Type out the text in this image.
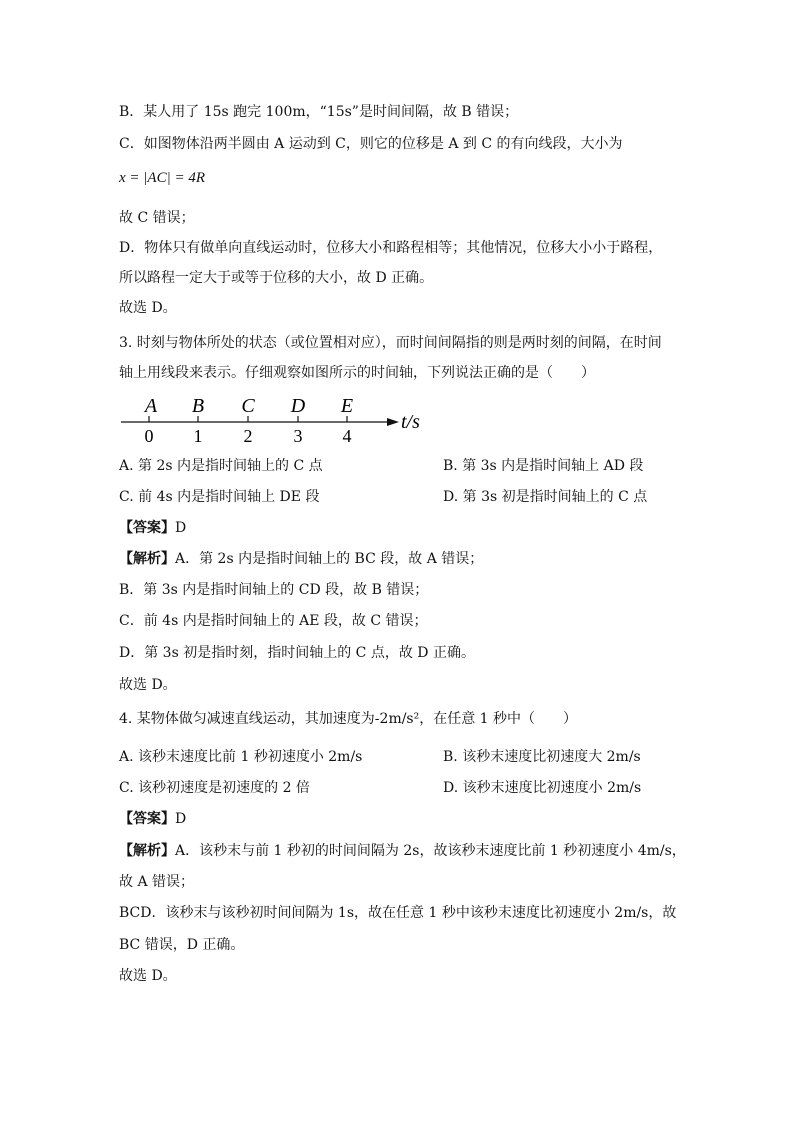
B．某人用了 15s 跑完 100m，“15s”是时间间隔，故 B 错误；
C．如图物体沿两半圆由 A 运动到 C，则它的位移是 A 到 C 的有向线段，大小为
x = |AC| = 4R
故 C 错误；
D．物体只有做单向直线运动时，位移大小和路程相等；其他情况，位移大小小于路程，
所以路程一定大于或等于位移的大小，故 D 正确。
故选 D。
3. 时刻与物体所处的状态（或位置相对应），而时间间隔指的则是两时刻的间隔，在时间
轴上用线段来表示。仔细观察如图所示的时间轴，下列说法正确的是（　　）
A B C D E
0 1 2 3 4
t/s
A. 第 2s 内是指时间轴上的 C 点	B. 第 3s 内是指时间轴上 AD 段
C. 前 4s 内是指时间轴上 DE 段	D. 第 3s 初是指时间轴上的 C 点
【答案】D
【解析】A．第 2s 内是指时间轴上的 BC 段，故 A 错误；
B．第 3s 内是指时间轴上的 CD 段，故 B 错误；
C．前 4s 内是指时间轴上的 AE 段，故 C 错误；
D．第 3s 初是指时刻，指时间轴上的 C 点，故 D 正确。
故选 D。
4. 某物体做匀减速直线运动，其加速度为-2m/s²，在任意 1 秒中（　　）
A. 该秒末速度比前 1 秒初速度小 2m/s	B. 该秒末速度比初速度大 2m/s
C. 该秒初速度是初速度的 2 倍	D. 该秒末速度比初速度小 2m/s
【答案】D
【解析】A．该秒末与前 1 秒初的时间间隔为 2s，故该秒末速度比前 1 秒初速度小 4m/s，
故 A 错误；
BCD．该秒末与该秒初时间间隔为 1s，故在任意 1 秒中该秒末速度比初速度小 2m/s，故
BC 错误，D 正确。
故选 D。
